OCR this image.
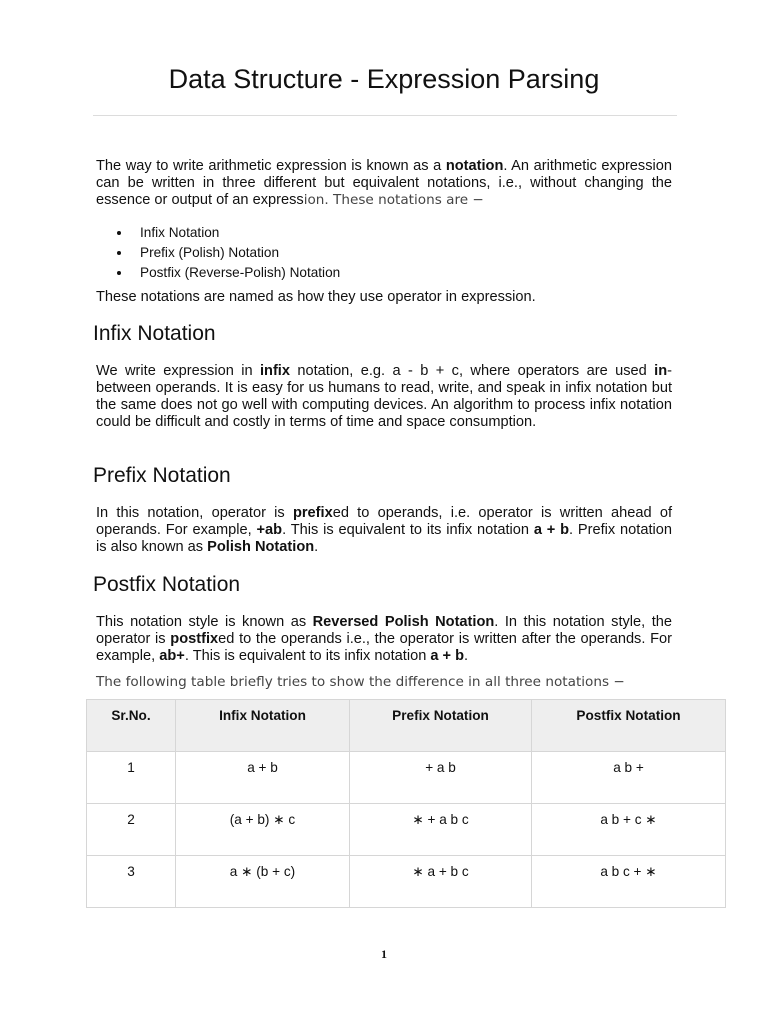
Data Structure - Expression Parsing
The way to write arithmetic expression is known as a notation. An arithmetic expression can be written in three different but equivalent notations, i.e., without changing the essence or output of an expression. These notations are −
Infix Notation
Prefix (Polish) Notation
Postfix (Reverse-Polish) Notation
These notations are named as how they use operator in expression.
Infix Notation
We write expression in infix notation, e.g. a - b + c, where operators are used in-between operands. It is easy for us humans to read, write, and speak in infix notation but the same does not go well with computing devices. An algorithm to process infix notation could be difficult and costly in terms of time and space consumption.
Prefix Notation
In this notation, operator is prefixed to operands, i.e. operator is written ahead of operands. For example, +ab. This is equivalent to its infix notation a + b. Prefix notation is also known as Polish Notation.
Postfix Notation
This notation style is known as Reversed Polish Notation. In this notation style, the operator is postfixed to the operands i.e., the operator is written after the operands. For example, ab+. This is equivalent to its infix notation a + b.
The following table briefly tries to show the difference in all three notations −
Sr.No.	Infix Notation	Prefix Notation	Postfix Notation
1	a + b	+ a b	a b +
2	(a + b) ∗ c	∗ + a b c	a b + c ∗
3	a ∗ (b + c)	∗ a + b c	a b c + ∗
1
